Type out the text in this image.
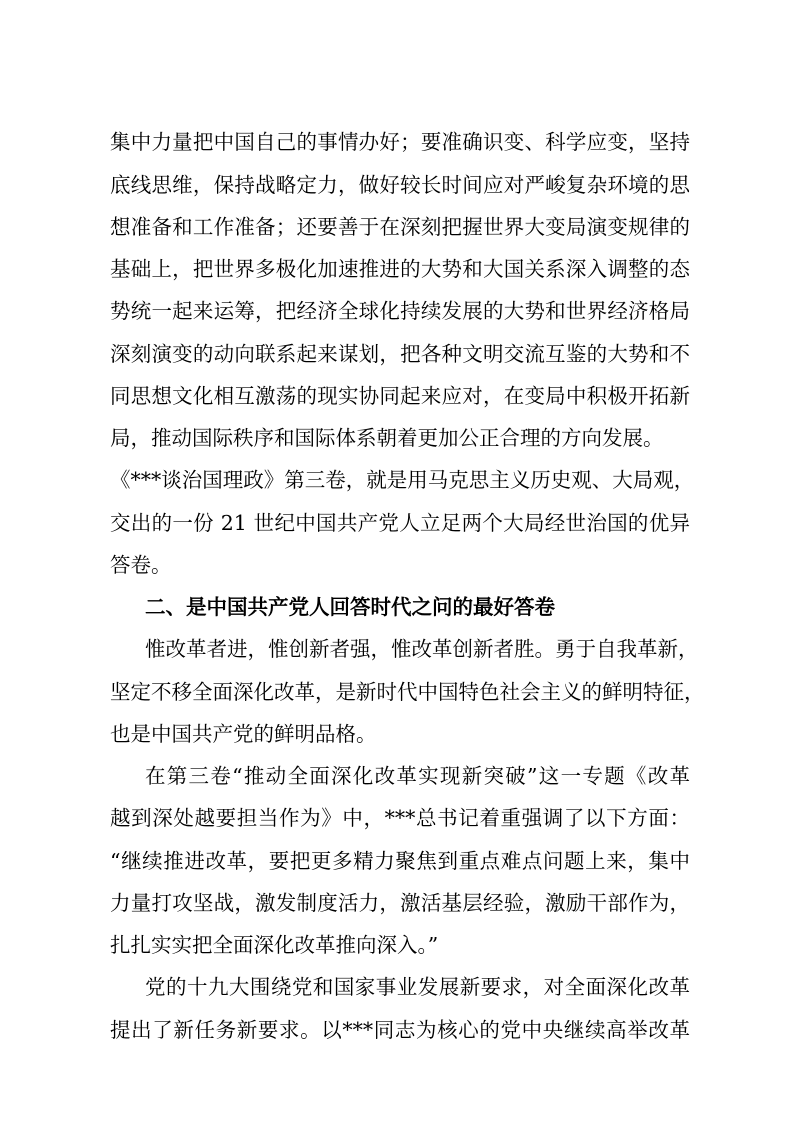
集中力量把中国自己的事情办好；要准确识变、科学应变，坚持
底线思维，保持战略定力，做好较长时间应对严峻复杂环境的思
想准备和工作准备；还要善于在深刻把握世界大变局演变规律的
基础上，把世界多极化加速推进的大势和大国关系深入调整的态
势统一起来运筹，把经济全球化持续发展的大势和世界经济格局
深刻演变的动向联系起来谋划，把各种文明交流互鉴的大势和不
同思想文化相互激荡的现实协同起来应对，在变局中积极开拓新
局，推动国际秩序和国际体系朝着更加公正合理的方向发展。
《***谈治国理政》第三卷，就是用马克思主义历史观、大局观，
交出的一份 21 世纪中国共产党人立足两个大局经世治国的优异
答卷。
二、是中国共产党人回答时代之问的最好答卷
惟改革者进，惟创新者强，惟改革创新者胜。勇于自我革新，
坚定不移全面深化改革，是新时代中国特色社会主义的鲜明特征，
也是中国共产党的鲜明品格。
在第三卷“推动全面深化改革实现新突破”这一专题《改革
越到深处越要担当作为》中，***总书记着重强调了以下方面：
“继续推进改革，要把更多精力聚焦到重点难点问题上来，集中
力量打攻坚战，激发制度活力，激活基层经验，激励干部作为，
扎扎实实把全面深化改革推向深入。”
党的十九大围绕党和国家事业发展新要求，对全面深化改革
提出了新任务新要求。以***同志为核心的党中央继续高举改革
